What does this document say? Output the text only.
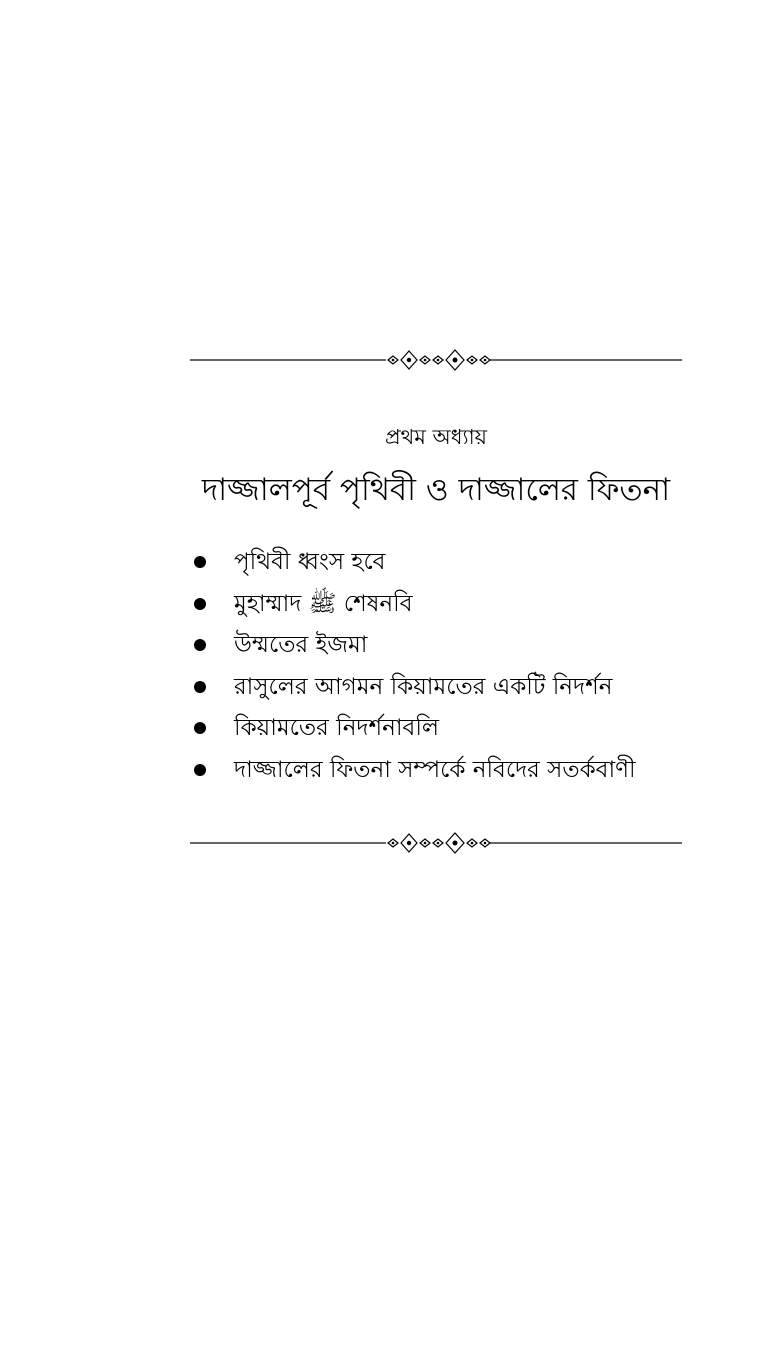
প্রথম অধ্যায়
দাজ্জালপূর্ব পৃথিবী ও দাজ্জালের ফিতনা
পৃথিবী ধ্বংস হবে
মুহাম্মাদ ﷺ শেষনবি
উম্মতের ইজমা
রাসুলের আগমন কিয়ামতের একটি নিদর্শন
কিয়ামতের নিদর্শনাবলি
দাজ্জালের ফিতনা সম্পর্কে নবিদের সতর্কবাণী
